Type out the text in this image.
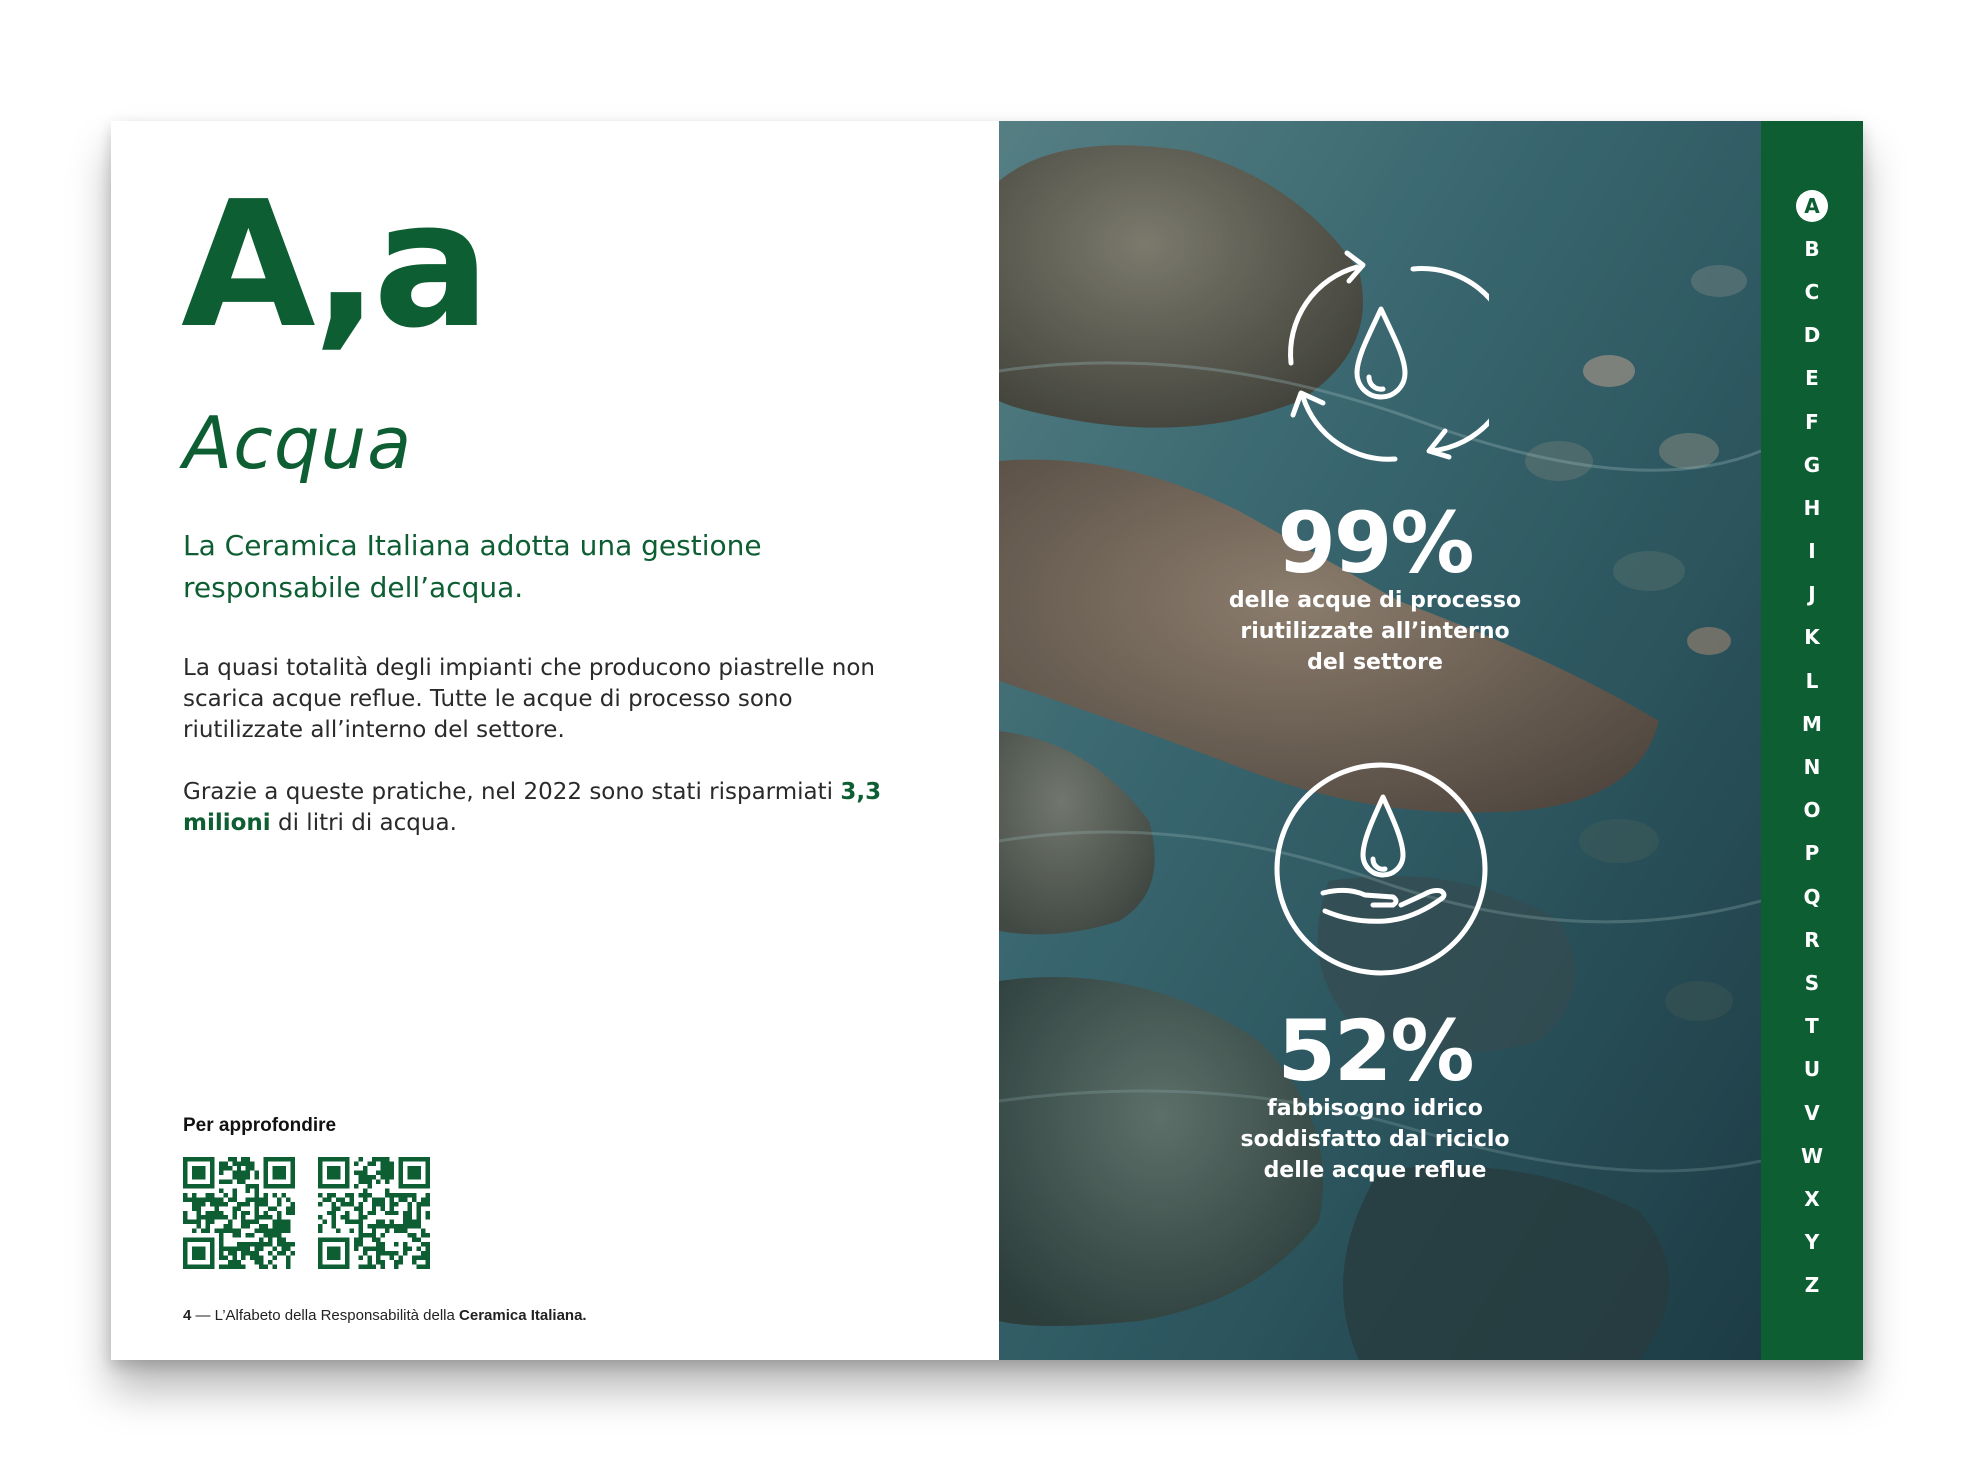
A,a
Acqua

La Ceramica Italiana adotta una gestione responsabile dell’acqua.

La quasi totalità degli impianti che producono piastrelle non scarica acque reflue. Tutte le acque di processo sono riutilizzate all’interno del settore.

Grazie a queste pratiche, nel 2022 sono stati risparmiati 3,3 milioni di litri di acqua.

Per approfondire

4 — L’Alfabeto della Responsabilità della Ceramica Italiana.

99%

delle acque di processo riutilizzate all’interno del settore

52%

fabbisogno idrico soddisfatto dal riciclo delle acque reflue

A
B
C
D
E
F
G
H
I
J
K
L
M
N
O
P
Q
R
S
T
U
V
W
X
Y
Z
